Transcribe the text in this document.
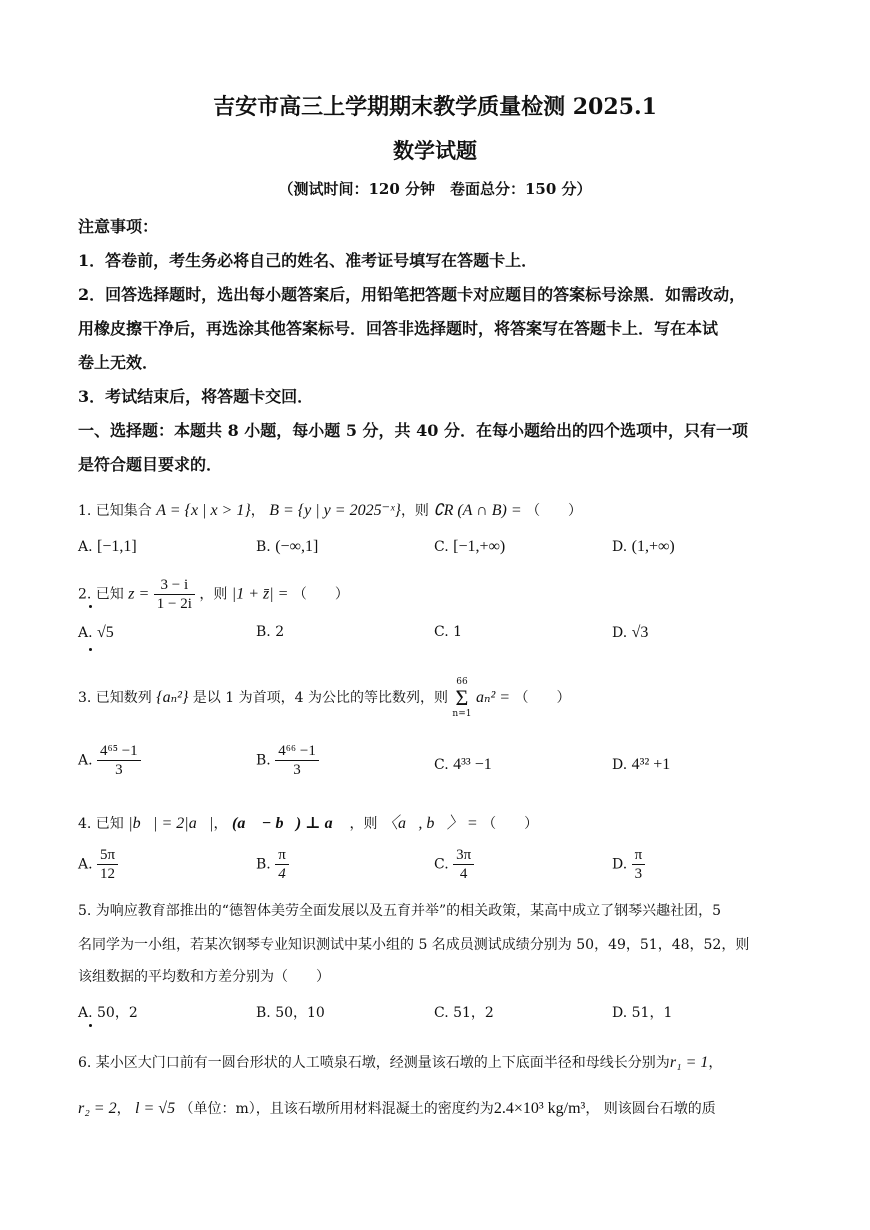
吉安市高三上学期期末教学质量检测 2025.1
数学试题
（测试时间：120 分钟　卷面总分：150 分）
注意事项：
1．答卷前，考生务必将自己的姓名、准考证号填写在答题卡上．
2．回答选择题时，选出每小题答案后，用铅笔把答题卡对应题目的答案标号涂黑．如需改动，
用橡皮擦干净后，再选涂其他答案标号．回答非选择题时，将答案写在答题卡上．写在本试
卷上无效．
3．考试结束后，将答题卡交回．
一、选择题：本题共 8 小题，每小题 5 分，共 40 分．在每小题给出的四个选项中，只有一项
是符合题目要求的．
1. 已知集合 A = {x | x > 1}， B = {y | y = 2025⁻ˣ}，则 ∁R (A ∩ B) = （　　）
A. [−1,1]	B. (−∞,1]	C. [−1,+∞)	D. (1,+∞)
2. 已知 $z = \frac{3 - i}{1 - 2i}$ ，则 |1 + z̄| = （　　）
A. √5	B. 2	C. 1	D. √3
3. 已知数列 {aₙ²} 是以 1 为首项，4 为公比的等比数列，则
66
Σ
n=1
aₙ² = （　　）
A. $\frac{\text{4⁶⁵ −1}}{3}$	B. $\frac{\text{4⁶⁶ −1}}{3}$	C. 4³³ −1	D. 4³² +1
4. 已知 |b⃗| = 2|a⃗|， (a⃗ − b⃗) ⊥ a⃗ ，则 〈a⃗, b⃗〉 = （　　）
A. $\frac{5\pi}{12}$	B. $\frac{\pi}{4}$	C. $\frac{3\pi}{4}$	D. $\frac{\pi}{3}$
5. 为响应教育部推出的“德智体美劳全面发展以及五育并举”的相关政策，某高中成立了钢琴兴趣社团，5
名同学为一小组，若某次钢琴专业知识测试中某小组的 5 名成员测试成绩分别为 50，49，51，48，52，则
该组数据的平均数和方差分别为（　　）
A. 50，2	B. 50，10	C. 51，2	D. 51，1
6. 某小区大门口前有一圆台形状的人工喷泉石墩，经测量该石墩的上下底面半径和母线长分别为r₁ = 1，
r₂ = 2， l = √5 （单位：m），且该石墩所用材料混凝土的密度约为2.4×10³ kg/m³， 则该圆台石墩的质
